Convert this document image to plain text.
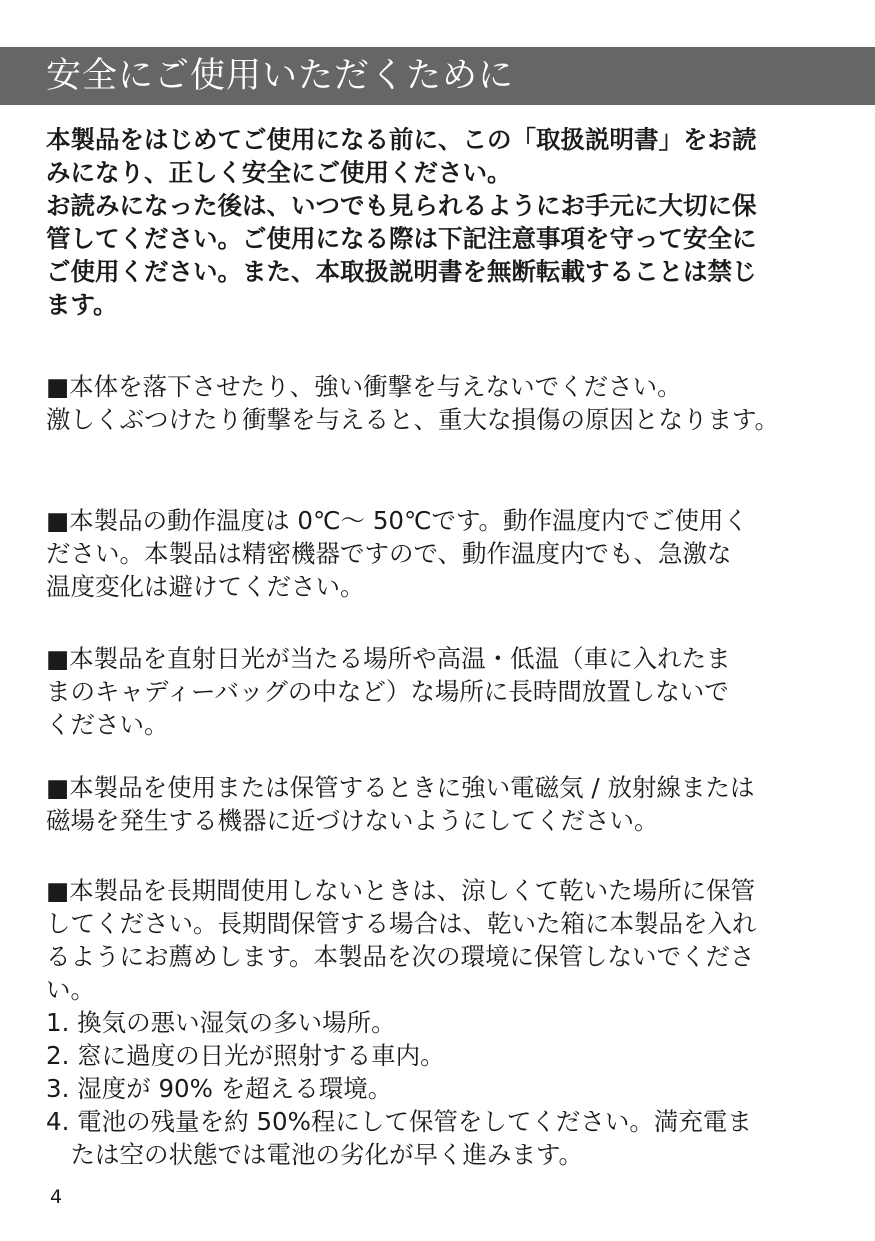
安全にご使用いただくために

本製品をはじめてご使用になる前に、この「取扱説明書」をお読
みになり、正しく安全にご使用ください。
お読みになった後は、いつでも見られるようにお手元に大切に保
管してください。ご使用になる際は下記注意事項を守って安全に
ご使用ください。また、本取扱説明書を無断転載することは禁じ
ます。

■本体を落下させたり、強い衝撃を与えないでください。
激しくぶつけたり衝撃を与えると、重大な損傷の原因となります。

■本製品の動作温度は 0℃～ 50℃です。動作温度内でご使用く
ださい。本製品は精密機器ですので、動作温度内でも、急激な
温度変化は避けてください。

■本製品を直射日光が当たる場所や高温・低温（車に入れたま
まのキャディーバッグの中など）な場所に長時間放置しないで
ください。

■本製品を使用または保管するときに強い電磁気 / 放射線または
磁場を発生する機器に近づけないようにしてください。

■本製品を長期間使用しないときは、涼しくて乾いた場所に保管
してください。長期間保管する場合は、乾いた箱に本製品を入れ
るようにお薦めします。本製品を次の環境に保管しないでくださ
い。

1. 換気の悪い湿気の多い場所。
2. 窓に過度の日光が照射する車内。
3. 湿度が 90% を超える環境。
4. 電池の残量を約 50%程にして保管をしてください。満充電ま
　たは空の状態では電池の劣化が早く進みます。
4
